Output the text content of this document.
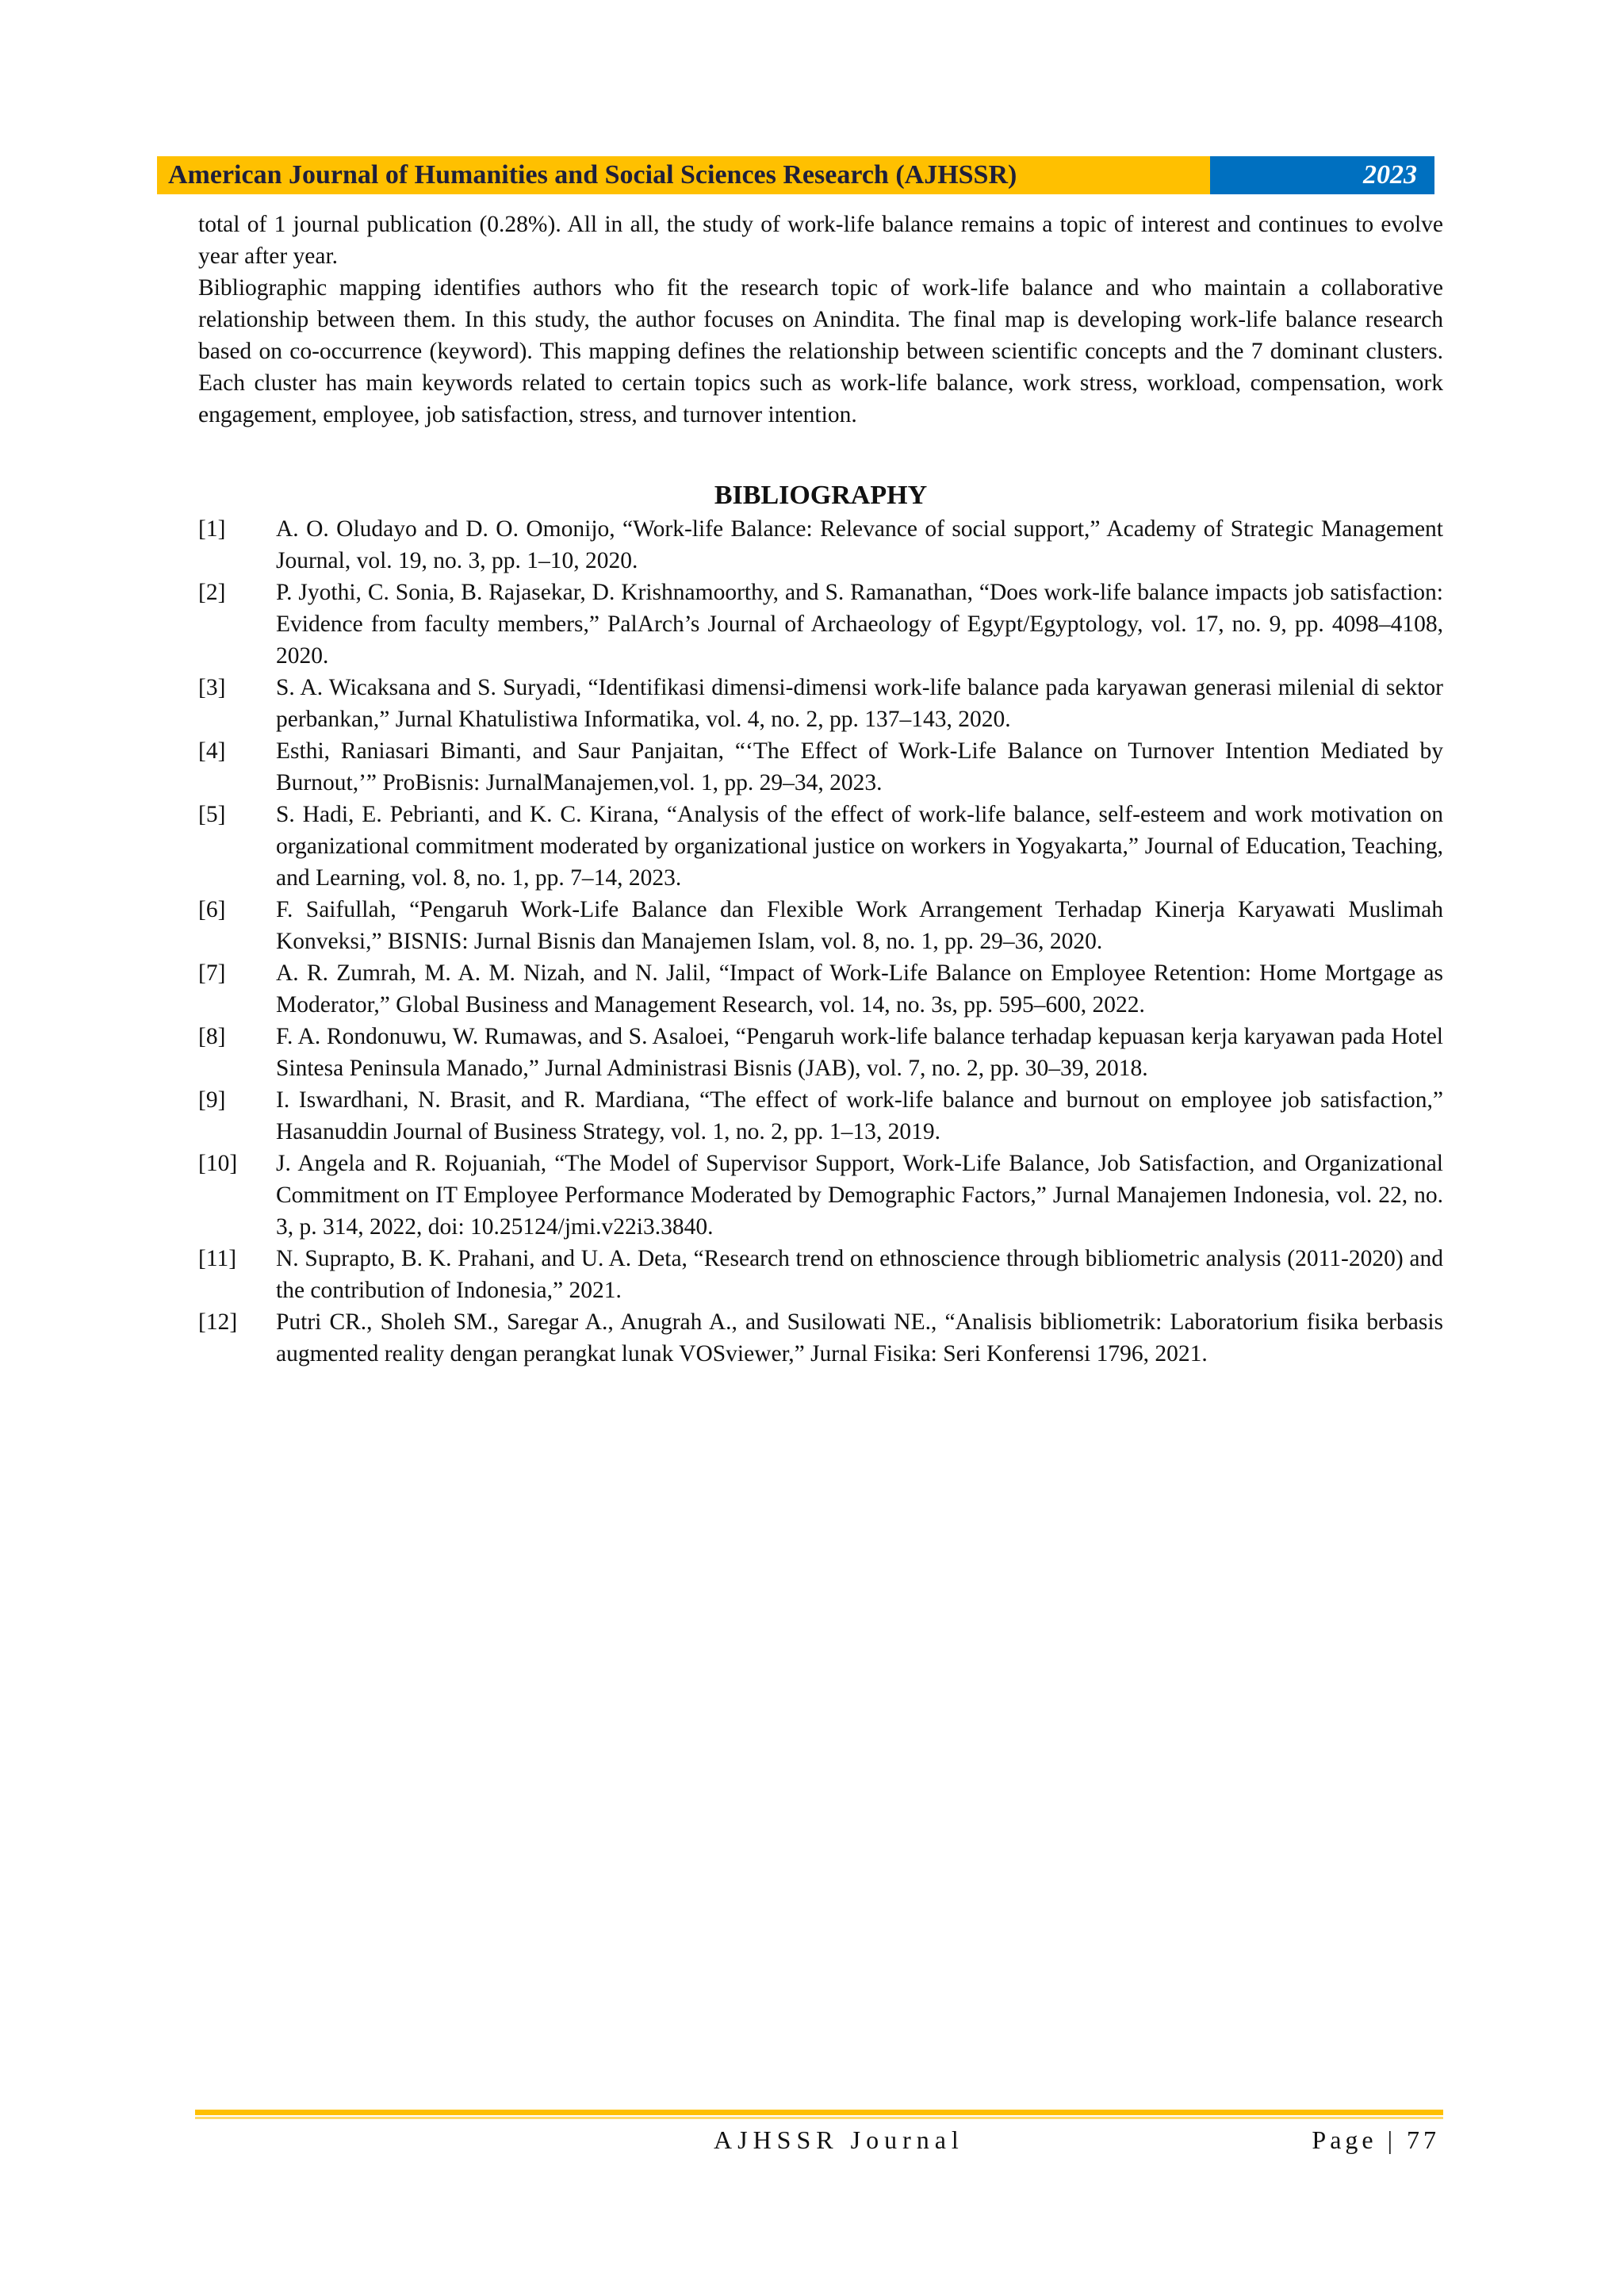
American Journal of Humanities and Social Sciences Research (AJHSSR)	2023

total of 1 journal publication (0.28%). All in all, the study of work-life balance remains a topic of interest and continues to evolve year after year.

Bibliographic mapping identifies authors who fit the research topic of work-life balance and who maintain a collaborative relationship between them. In this study, the author focuses on Anindita. The final map is developing work-life balance research based on co-occurrence (keyword). This mapping defines the relationship between scientific concepts and the 7 dominant clusters. Each cluster has main keywords related to certain topics such as work-life balance, work stress, workload, compensation, work engagement, employee, job satisfaction, stress, and turnover intention.

BIBLIOGRAPHY
[1]	A. O. Oludayo and D. O. Omonijo, “Work-life Balance: Relevance of social support,” Academy of Strategic Management Journal, vol. 19, no. 3, pp. 1–10, 2020.
[2]	P. Jyothi, C. Sonia, B. Rajasekar, D. Krishnamoorthy, and S. Ramanathan, “Does work-life balance impacts job satisfaction: Evidence from faculty members,” PalArch’s Journal of Archaeology of Egypt/Egyptology, vol. 17, no. 9, pp. 4098–4108, 2020.
[3]	S. A. Wicaksana and S. Suryadi, “Identifikasi dimensi-dimensi work-life balance pada karyawan generasi milenial di sektor perbankan,” Jurnal Khatulistiwa Informatika, vol. 4, no. 2, pp. 137–143, 2020.
[4]	Esthi, Raniasari Bimanti, and Saur Panjaitan, “‘The Effect of Work-Life Balance on Turnover Intention Mediated by Burnout,’” ProBisnis: JurnalManajemen,vol. 1, pp. 29–34, 2023.
[5]	S. Hadi, E. Pebrianti, and K. C. Kirana, “Analysis of the effect of work-life balance, self-esteem and work motivation on organizational commitment moderated by organizational justice on workers in Yogyakarta,” Journal of Education, Teaching, and Learning, vol. 8, no. 1, pp. 7–14, 2023.
[6]	F. Saifullah, “Pengaruh Work-Life Balance dan Flexible Work Arrangement Terhadap Kinerja Karyawati Muslimah Konveksi,” BISNIS: Jurnal Bisnis dan Manajemen Islam, vol. 8, no. 1, pp. 29–36, 2020.
[7]	A. R. Zumrah, M. A. M. Nizah, and N. Jalil, “Impact of Work-Life Balance on Employee Retention: Home Mortgage as Moderator,” Global Business and Management Research, vol. 14, no. 3s, pp. 595–600, 2022.
[8]	F. A. Rondonuwu, W. Rumawas, and S. Asaloei, “Pengaruh work-life balance terhadap kepuasan kerja karyawan pada Hotel Sintesa Peninsula Manado,” Jurnal Administrasi Bisnis (JAB), vol. 7, no. 2, pp. 30–39, 2018.
[9]	I. Iswardhani, N. Brasit, and R. Mardiana, “The effect of work-life balance and burnout on employee job satisfaction,” Hasanuddin Journal of Business Strategy, vol. 1, no. 2, pp. 1–13, 2019.
[10]	J. Angela and R. Rojuaniah, “The Model of Supervisor Support, Work-Life Balance, Job Satisfaction, and Organizational Commitment on IT Employee Performance Moderated by Demographic Factors,” Jurnal Manajemen Indonesia, vol. 22, no. 3, p. 314, 2022, doi: 10.25124/jmi.v22i3.3840.
[11]	N. Suprapto, B. K. Prahani, and U. A. Deta, “Research trend on ethnoscience through bibliometric analysis (2011-2020) and the contribution of Indonesia,” 2021.
[12]	Putri CR., Sholeh SM., Saregar A., Anugrah A., and Susilowati NE., “Analisis bibliometrik: Laboratorium fisika berbasis augmented reality dengan perangkat lunak VOSviewer,” Jurnal Fisika: Seri Konferensi 1796, 2021.
AJHSSR Journal	Page | 77
